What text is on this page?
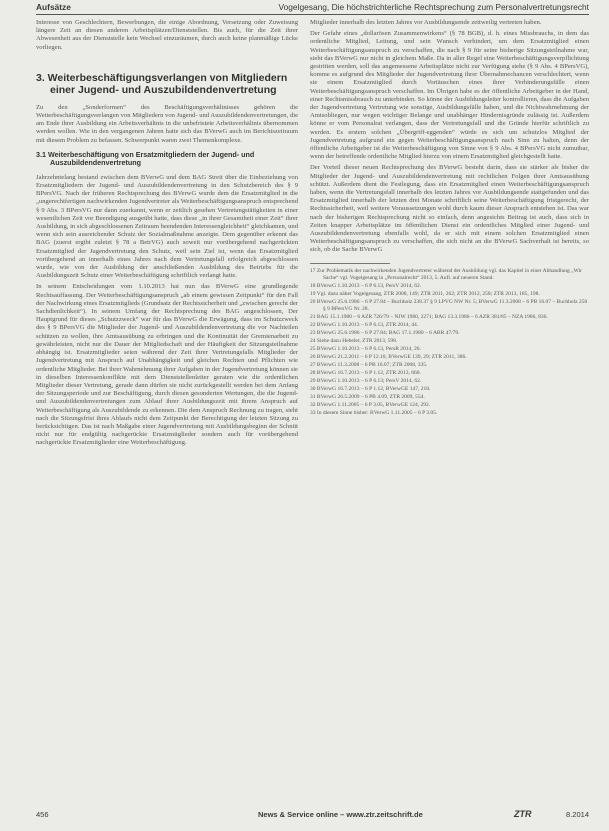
Aufsätze	Vogelgesang, Die höchstrichterliche Rechtsprechung zum Personalvertretungsrecht

Interesse von Geschlechtern, Bewerbungen, die einige Abordnung, Versetzung oder Zuweisung längere Zeit an diesen anderen Arbeitsplätzen/Dienststellen. Bis auch, für die Zeit ihrer Abwesenheit aus der Dienststelle kein Wechsel einzuräumen, durch auch keine planmäßige Lücke vorliegen.

3. Weiterbeschäftigungsverlangen von Mitgliedern einer Jugend- und Auszubildendenvertretung

Zu den „Sonderformen“ des Beschäftigungsverhältnisses gehören die Weiterbeschäftigungsverlangen von Mitgliedern von Jugend- und Auszubildendenvertretungen, die am Ende ihrer Ausbildung ein Arbeitsverhältnis in die unbefristete Arbeitsverhältnis übernommen werden wollen. Wie in den vergangenen Jahren hatte sich das BVerwG auch im Berichtszeitraum mit diesem Problem zu befassen. Schwerpunkt waren zwei Themenkomplexe.

3.1 Weiterbeschäftigung von Ersatzmitgliedern der Jugend- und Auszubildendenvertretung

Jahrzehntelang bestand zwischen dem BVerwG und dem BAG Streit über die Einbeziehung von Ersatzmitgliedern der Jugend- und Auszubildendenvertretung in den Schutzbereich des § 9 BPersVG. Nach der früheren Rechtsprechung des BVerwG wurde dem die Ersatzmitglied in die „ungerechtfertigen nachwirkenden Jugendvertreter als Weiterbeschäftigungsanspruch entsprechend § 9 Abs. 3 BPersVG nur dann zuerkannt, wenn er zeitlich gesehen Vertretungstätigkeiten in einer wesentlichen Zeit vor Beendigung ausgeübt hatte, dass diese „in ihrer Gesamtheit einer Zeit“ ihrer Ausbildung, in sich abgeschlossenen Zeitraum beendenden Interessengleichheit“ gleichkamen, und wenn sich sein ausreichender Schutz der Sozialmaßnahme anzeigte. Dem gegenüber erkennt das BAG (zuerst ergibt zuletzt § 78 a BetrVG) auch soweit nur vorübergehend nachgerückten Ersatzmitglied der Jugendvertretung den Schutz, weil sein Ziel ist, wenn das Ersatzmitglied vorübergehend an innerhalb eines Jahres nach dem Vertretungsfall erfolgreich abgeschlossen wurde, wie von der Ausbildung der anschließenden Ausbildung des Betriebs für die Ausbildungszeit Schutz einer Weiterbeschäftigung schriftlich verlangt hatte.

In seinem Entscheidungen vom 1.10.2013 hat nun das BVerwG eine grundlegende Rechtsauffassung. Der Weiterbeschäftigungsanspruch „ab einem gewissen Zeitpunkt“ für den Fall der Nachwirkung eines Ersatzmitglieds (Grundsatz der Rechtssicherheit und „zwischen gerecht der Sachdienlichkeit“). In seinem Umfang der Rechtsprechung des BAG angeschlossen, Der Hauptgrund für dieses „Schutzzweck“ war für das BVerwG die Erwägung, dass im Schutzzweck des § 9 BPersVG die Mitglieder der Jugend- und Auszubildendenvertretung die vor Nachteilen schützen zu wollen, ihre Amtsausübung zu erbringen und die Kontinuität der Gremienarbeit zu gewährleisten, nicht nur die Dauer der Mitgliedschaft und der Häufigkeit der Sitzungsteilnahme abhängig ist. Ersatzmitglieder seien während der Zeit ihrer Vertretungsfalls Mitglieder der Jugendvertretung mit Anspruch auf Unabhängigkeit und gleichen Rechten und Pflichten wie ordentliche Mitglieder. Bei ihrer Wahrnehmung ihrer Aufgaben in der Jugendvertretung können sie in dieselben Interessenkonflikte mit dem Dienststellenleiter geraten wie die ordentlichen Mitglieder dieser Vertretung, gerade dann dürfen sie nicht zurückgestellt werden bei dem Anfang der Sitzungsperiode und zur Beschäftigung, durch diesen gesonderten Wertungen, die die Jugend- und Auszubildendenvertretungen zum Ablauf ihrer Ausbildungszeit mit ihrem Anspruch auf Weiterbeschäftigung als Auszubildende zu erkennen. Die dem Anspruch Rechnung zu tragen, sieht nach die Sitzungsfrist ihres Ablaufs nicht dem Zeitpunkt der Berechtigung der letzten Sitzung zu berücksichtigen. Das ist nach Maßgabe einer Jugendvertretung mit Ausbildungsbeginn der Schnitt nicht nur für endgültig nachgerückte Ersatzmitglieder sondern auch für vorübergehend nachgerückte Ersatzmitglieder eine Weiterbeschäftigung.

Mitglieder innerhalb des letzten Jahres vor Ausbildungsende zeitweilig vertreten haben.

Der Gefahr eines „dollarösen Zusammenwirkens“ (§ 78 BGB), d. h. eines Missbrauchs, in dem das ordentliche Mitglied, Leitung, und sein Wunsch verhindert, um dem Ersatzmitglied einen Weiterbeschäftigungsanspruch zu verschaffen, die nach § 9 für seine bisherige Sitzungsteilnahme war, sieht das BVerwG nur nicht in gleichem Maße. Da in aller Regel eine Weiterbeschäftigungsverpflichtung gestritten werden, soll das angemessene Arbeitsplätze nicht zur Verfügung stehe (§ 9 Abs. 4 BPersVG), komme es aufgrund des Mitglieder der Jugendvertretung ihrer Übernahmechancen verschlechtert, wenn sie einem Ersatzmitglied durch Vortäuschen eines ihrer Verhinderungsfälle einen Weiterbeschäftigungsanspruch verschaffen. Im Übrigen habe es der öffentliche Arbeitgeber in der Hand, einer Rechtsmissbrauch zu unterbinden. So könne der Ausbildungsleiter kontrollieren, dass die Aufgaben der Jugendvertretung Vertretung wie sonstige, Ausbildungsfälle haben, und die Nichtwahrnehmung der Amtsobliegen, nur wegen wichtiger Belange und unabhänger Hindernisgründe zulässig ist. Außerdem könne er vom Personalrat verlangen, dass der Vertretungsfall und die Gründe hierfür schriftlich zu werden. Es erstem solchen „Übergriff-eggenden“ würde es sich um schutzlos Mitglied der Jugendvertretung aufgrund ein gegen Weiterbeschäftigungsanspruch nach Sinn zu halten, denn der öffentliche Arbeitgeber ist die Weiterbeschäftigung von Sinne von § 9 Abs. 4 BPersVG nicht zumutbar, wenn der betreffende ordentliche Mitglied hierzu von einem Ersatzmitglied gleichgestellt hatte.

Der Vorteil dieser neuen Rechtsprechung des BVerwG besteht darin, dass sie stärker als bisher die Mitglieder der Jugend- und Auszubildendenvertretung mit rechtlichen Folgen ihrer Amtsausübung schützt. Außerdem dient die Festlegung, dass ein Ersatzmitglied einen Weiterbeschäftigungsanspruch haben, wenn die Vertretungsfall innerhalb des letzten Jahres vor Ausbildungsende stattgefunden und das Ersatzmitglied innerhalb der letzten drei Monate schriftlich seine Weiterbeschäftigung fristgerecht, der Rechtssicherheit, weil weitere Voraussetzungen wohl durch kaum dieser Ansprach entstehen ist. Das war nach der bisherigen Rechtsprechung nicht so einfach, denn angesichts Beitrag ist auch, dass sich in Zeiten knapper Arbeitsplätze im öffentlichen Dienst ein ordentliches Mitglied einer Jugend- und Auszubildendenvertretung ebenfalls wohl, da er sich mit einem solchen Ersatzmitglied einen Weiterbeschäftigungsanspruch zu verschaffen, die sich nicht an die BVerwG Sachverhalt ist bereits, so sich, ob die Sache BVerwG

17 Zur Problematik der nachwirkenden Jugendvertreter während der Ausbildung vgl. das Kapitel in einer Abhandlung „Wir Sache“ vgl. Vogelgesang in „Personalrecht“ 2013, 5. Aufl. auf neueren Stand.
18 BVerwG 1.10.2013 – 6 P 6.13, PersV 2014, 62.
19 Vgl. dazu näher Vogelgesang, ZTR 2008, 149; ZTR 2011, 262; ZTR 2012, 258; ZTR 2013, 185, 198.
20 BVerwG 25.6.1986 – 6 P 27.84 – Buchholz 238.37 § 9 LPVG NW Nr. 5; BVerwG 11.3.2008 – 6 PB 16.07 – Buchholz 250 § 9 BPersVG Nr. 28.
21 BAG 15.1.1980 – 6 AZR 726/79 – NJW 1980, 2271; BAG 13.3.1986 – 6 AZR 381/85 – NZA 1986, 836.
22 BVerwG 1.10.2013 – 6 P 6.13, ZTR 2014, 44.
23 BVerwG 25.6.1986 – 6 P 27.84; BAG 17.1.1980 – 6 ABR 47/79.
24 Siehe dazu Hebeler, ZTR 2013, 598.
25 BVerwG 1.10.2013 – 6 P 6.13, PersR 2014, 26.
26 BVerwG 21.2.2011 – 6 P 12.10, BVerwGE 139, 29; ZTR 2011, 386.
27 BVerwG 11.3.2008 – 6 PB 16.07; ZTR 2008, 335.
28 BVerwG 16.7.2013 – 6 P 1.12, ZTR 2013, 660.
29 BVerwG 1.10.2013 – 6 P 6.13; PersV 2014, 62.
30 BVerwG 16.7.2013 – 6 P 1.12, BVerwGE 147, 218.
31 BVerwG 26.5.2009 – 6 PB 4.09, ZTR 2009, 554.
32 BVerwG 1.11.2005 – 6 P 3.05, BVerwGE 124, 292.
33 In diesem Sinne bisher: BVerwG 1.11.2005 – 6 P 3.05.
456	News & Service online – www.ztr.zeitschrift.de	ZTR	8.2014
